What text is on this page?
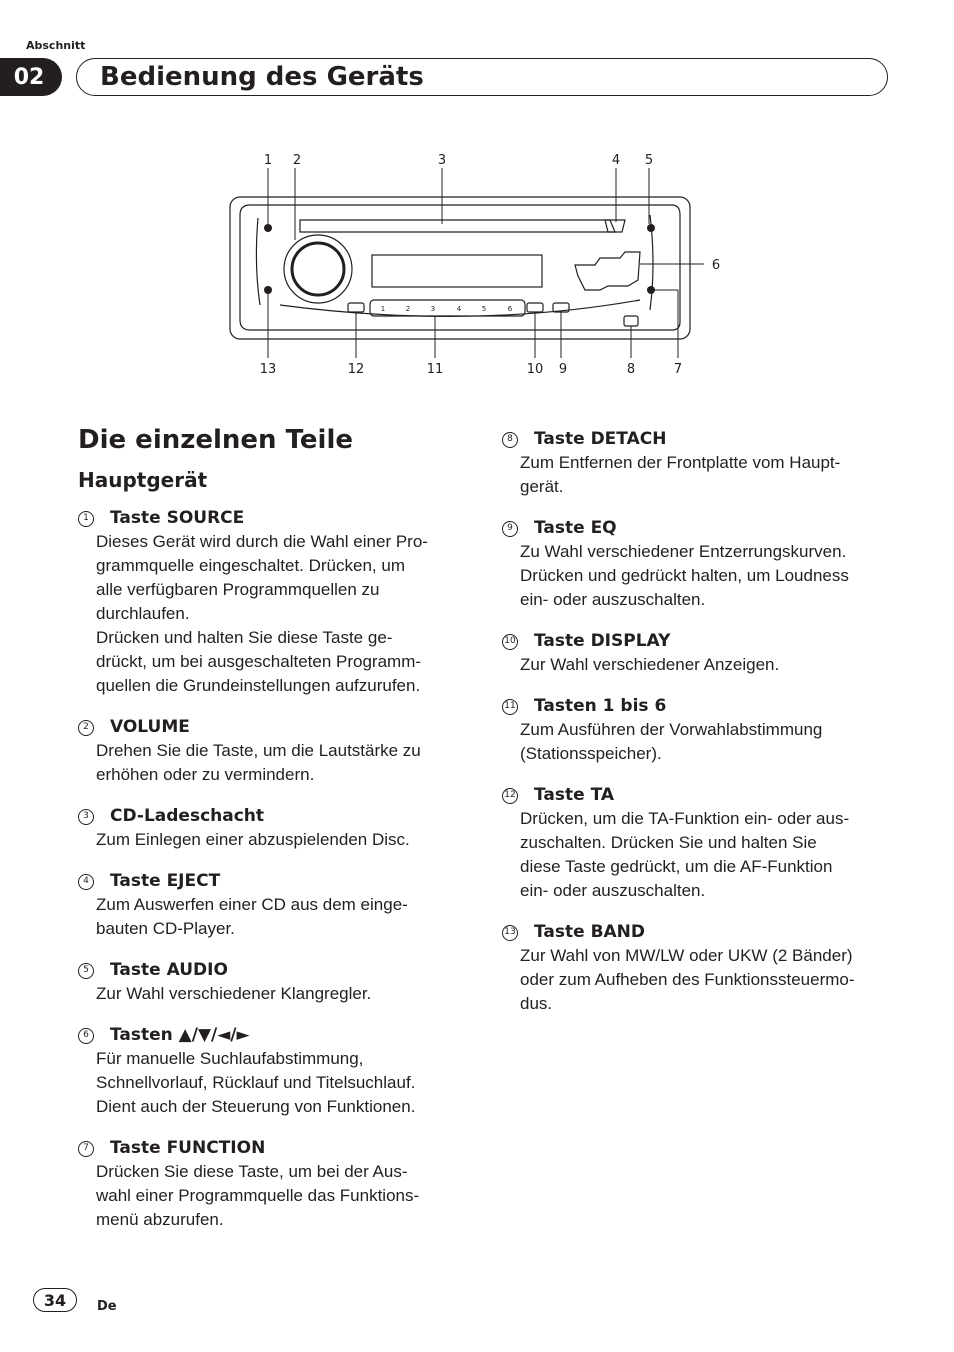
Abschnitt
02	Bedienung des Geräts
1	2	3	4	5	6
1 2	3	4 5
6
13	12	11	10 9	8	7
Die einzelnen Teile
Hauptgerät
1	Taste SOURCE
Dieses Gerät wird durch die Wahl einer Pro-
grammquelle eingeschaltet. Drücken, um
alle verfügbaren Programmquellen zu
durchlaufen.
Drücken und halten Sie diese Taste ge-
drückt, um bei ausgeschalteten Programm-
quellen die Grundeinstellungen aufzurufen.
2	VOLUME
Drehen Sie die Taste, um die Lautstärke zu
erhöhen oder zu vermindern.
3	CD-Ladeschacht
Zum Einlegen einer abzuspielenden Disc.
4	Taste EJECT
Zum Auswerfen einer CD aus dem einge-
bauten CD-Player.
5	Taste AUDIO
Zur Wahl verschiedener Klangregler.
6	Tasten ▲/▼/◄/►
Für manuelle Suchlaufabstimmung,
Schnellvorlauf, Rücklauf und Titelsuchlauf.
Dient auch der Steuerung von Funktionen.
7	Taste FUNCTION
Drücken Sie diese Taste, um bei der Aus-
wahl einer Programmquelle das Funktions-
menü abzurufen.
8	Taste DETACH
Zum Entfernen der Frontplatte vom Haupt-
gerät.
9	Taste EQ
Zu Wahl verschiedener Entzerrungskurven.
Drücken und gedrückt halten, um Loudness
ein- oder auszuschalten.
10 Taste DISPLAY
Zur Wahl verschiedener Anzeigen.
11 Tasten 1 bis 6
Zum Ausführen der Vorwahlabstimmung
(Stationsspeicher).
12 Taste TA
Drücken, um die TA-Funktion ein- oder aus-
zuschalten. Drücken Sie und halten Sie
diese Taste gedrückt, um die AF-Funktion
ein- oder auszuschalten.
13 Taste BAND
Zur Wahl von MW/LW oder UKW (2 Bänder)
oder zum Aufheben des Funktionssteuermo-
dus.
34	De
